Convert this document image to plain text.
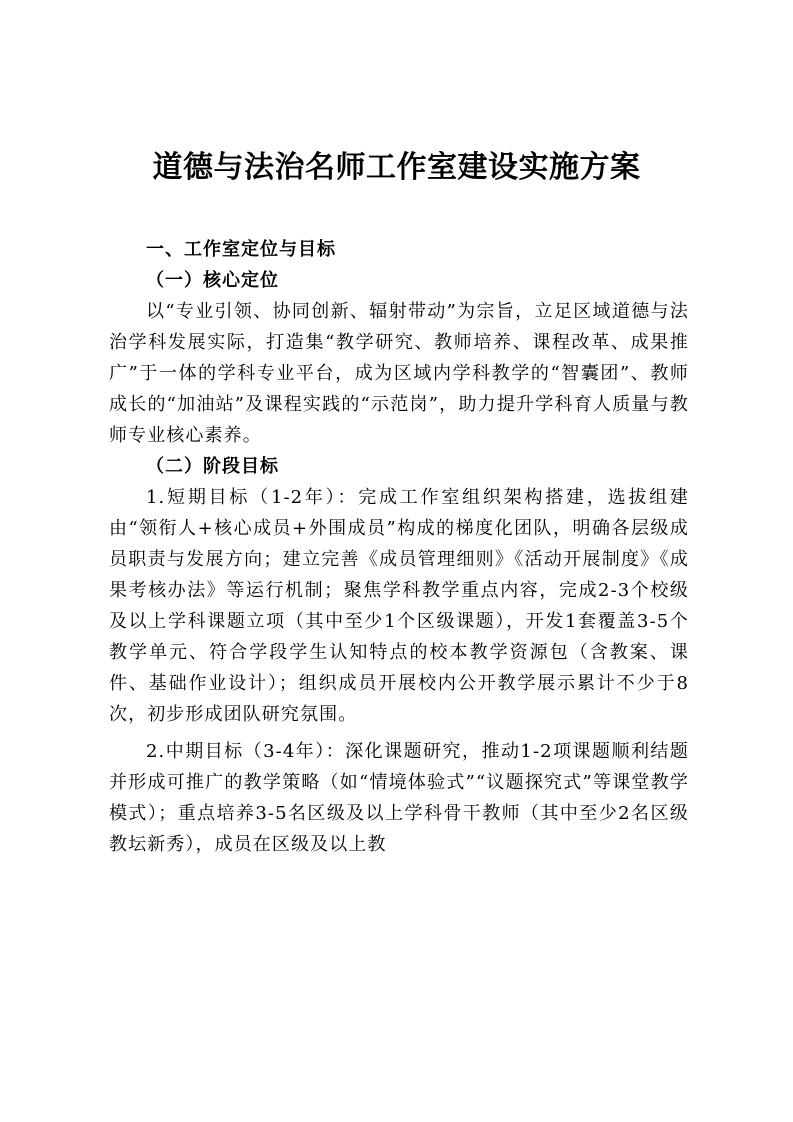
道德与法治名师工作室建设实施方案
一、工作室定位与目标
（一）核心定位

以“专业引领、协同创新、辐射带动”为宗旨，立足区域道德与法治学科发展实际，打造集“教学研究、教师培养、课程改革、成果推广”于一体的学科专业平台，成为区域内学科教学的“智囊团”、教师成长的“加油站”及课程实践的“示范岗”，助力提升学科育人质量与教师专业核心素养。

（二）阶段目标

1.短期目标（1-2年）：完成工作室组织架构搭建，选拔组建由“领衔人+核心成员+外围成员”构成的梯度化团队，明确各层级成员职责与发展方向；建立完善《成员管理细则》《活动开展制度》《成果考核办法》等运行机制；聚焦学科教学重点内容，完成2-3个校级及以上学科课题立项（其中至少1个区级课题），开发1套覆盖3-5个教学单元、符合学段学生认知特点的校本教学资源包（含教案、课件、基础作业设计）；组织成员开展校内公开教学展示累计不少于8次，初步形成团队研究氛围。

2.中期目标（3-4年）：深化课题研究，推动1-2项课题顺利结题并形成可推广的教学策略（如“情境体验式”“议题探究式”等课堂教学模式）；重点培养3-5名区级及以上学科骨干教师（其中至少2名区级教坛新秀），成员在区级及以上教
